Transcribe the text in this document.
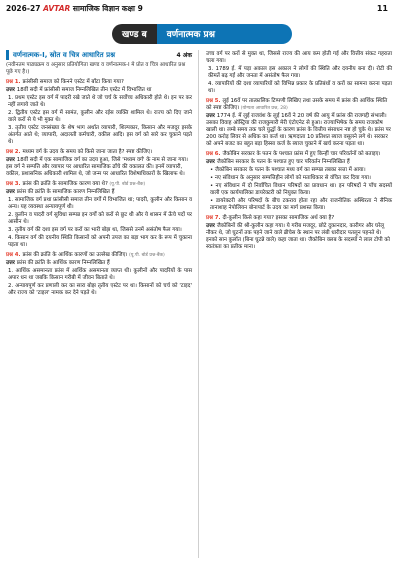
2026-27 AVTAR सामाजिक विज्ञान कक्षा 9	11
खण्ड ब	वर्णनात्मक प्रश्न
वर्णनात्मक-I, स्रोत व चित्र आधारित प्रश्न	4 अंक
(नवीनतम पाठ्यक्रम व अनुसार प्रतियोगिता खण्ड व वर्णनात्मक-I मे प्रोत व चित्र आधारित प्रश्न पूछे गए है।)
प्रश्न 1. फ्रांसीसी समाज को किनने एस्टेट में बाँटा किया गया?
उत्तर 18वीं सदी में फ्रांसीसी समाज निम्नलिखित तीन एस्टेट में विभाजित था
1. प्रथम एस्टेट इस वर्ग में पादरी रखे जाते थे जो चर्च के सर्वोच्च अधिकारी होते थे। इन पर कर नहीं लगाये जाते थे।
2. द्वितीय एस्टेट इस वर्ग में सामंत, कुलीन और रईस व्यक्ति शामिल थे। राज्य को दिए जाने वाले करों से ये भी मुक्त थे।
3. तृतीय एस्टेट जनसंख्या के शेष भाग अर्थात व्यापारी, शिल्पकार, किसान और मजदूर इसके अंतर्गत आते थे; व्यापारी, अदालती कर्मचारी, वकील आदि। इस वर्ग को सारे कर चुकाने पड़ते थे।
प्रश्न 2. मध्यम वर्ग के उदय के समय को किसे जाना जाता है? स्पष्ट कीजिए।
उत्तर 18वीं सदी में एक सामाजिक वर्ग का उदय हुआ, जिसे 'मध्यम वर्ग' के नाम से जाना गया। इस वर्ग ने सम्पत्ति और व्यापार पर आधारित सामाजिक ढाँचे की वकालत की। इनमें व्यापारी, वकील, प्रशासनिक अधिकारी शामिल थे, जो जन्म पर आधारित विशेषाधिकारों के खिलाफ थे।
प्रश्न 3. फ्रांस की क्रांति के सामाजिक कारण क्या थे? (यू.पी. बोर्ड प्रश्न-बैंक)
उत्तर फ्रांस की क्रांति के सामाजिक कारण निम्नलिखित हैं
1. सामाजिक वर्ग प्रथा फ्रांसीसी समाज तीन वर्गों में विभाजित था; पादरी, कुलीन और किसान व अन्य। यह व्यवस्था अन्यायपूर्ण थी।
2. कुलीन व पादरी वर्ग सुविधा सम्पन्न इन वर्गों को करों से छूट थी और ये शासन में ऊँचे पदों पर आसीन थे।
3. तृतीय वर्ग की दशा इस वर्ग पर करों का भारी बोझ था, जिससे उनमें असंतोष फैल गया।
4. किसान वर्ग की दयनीय स्थिति किसानों को अपनी उपज का बड़ा भाग कर के रूप में चुकाना पड़ता था।
प्रश्न 4. फ्रांस की क्रांति के आर्थिक कारणों का उल्लेख कीजिए। (यू.पी. बोर्ड प्रश्न-बैंक)
उत्तर फ्रांस की क्रांति के आर्थिक कारण निम्नलिखित हैं
1. आर्थिक असमानता फ्रांस में आर्थिक असमानता व्याप्त थी। कुलीनों और पादरियों के पास अपार धन था जबकि किसान गरीबी में जीवन बिताते थे।
2. अन्यायपूर्ण कर प्रणाली कर का सारा बोझ तृतीय एस्टेट पर था। किसानों को चर्च को 'टाइद' और राज्य को 'टाइल' नामक कर देने पड़ते थे।
उच्च वर्ग पर करों से मुक्त था, जिससे राज्य की आय कम होती गई और वित्तीय संकट गहराता चला गया।
3. 1789 ई. में पड़ा अकाल इस अकाल ने लोगों की स्थिति और दयनीय बना दी। रोटी की कीमतें बढ़ गईं और जनता में असंतोष फैल गया।
4. व्यापारियों की दशा व्यापारियों को विभिन्न प्रकार के प्रतिबंधों व करों का सामना करना पड़ता था।
प्रश्न 5. लुई 16वें पर तात्कालिक टिप्पणी लिखिए तथा उसके समय में फ्रांस की आर्थिक स्थिति को स्पष्ट कीजिए। (योग्यता आधारित प्रश्न, 28)
उत्तर 1774 ई. में लुई राजवंश के लुई 16वें ने 20 वर्ष की आयु में फ्रांस की राजगद्दी संभाली। उसका विवाह ऑस्ट्रिया की राजकुमारी मेरी एंटोएनेट से हुआ। राज्याभिषेक के समय राजकोष खाली था। लम्बे समय तक चले युद्धों के कारण फ्रांस के वित्तीय संसाधन नष्ट हो चुके थे। फ्रांस पर 200 करोड़ लिवर से अधिक का कर्ज था। ऋणदाता 10 प्रतिशत ब्याज वसूलने लगे थे। सरकार को अपने बजट का बहुत बड़ा हिस्सा कर्ज के ब्याज चुकाने में खर्च करना पड़ता था।
प्रश्न 6. जैकोबिन सरकार के पतन के पश्चात फ्रांस में हुए किन्हीं चार परिवर्तनों को बताइए।
उत्तर जैकोबिन सरकार के पतन के पश्चात हुए चार परिवर्तन निम्नलिखित हैं
• जैकोबिन सरकार के पतन के पश्चात मध्य वर्ग का सम्पन्न तबका सत्ता में आया।
• नए संविधान के अनुसार सम्पत्तिहीन लोगों को मताधिकार से वंचित कर दिया गया।
• नए संविधान में दो निर्वाचित विधान परिषदों का प्रावधान था। इन परिषदों ने पाँच सदस्यों वाली एक कार्यपालिका डायरेक्टरी को नियुक्त किया।
• डायरेक्टरी और परिषदों के बीच टकराव होता रहा और राजनीतिक अस्थिरता ने सैनिक तानाशाह नेपोलियन बोनापार्ट के उदय का मार्ग प्रशस्त किया।
प्रश्न 7. दी-कुलीन किसे कहा गया? इसका सामाजिक अर्थ क्या है?
उत्तर जैकोबिनों की श्री-कुलीन कहा गया। ये गरीब मजदूर, छोटे दुकानदार, कारीगर और घरेलू नौकर थे, जो घुटनों तक पहने जाने वाले ब्रीचेस के स्थान पर लंबी धारीदार पतलून पहनते थे। इनको सान कुलॉत (बिना घुटन्ने वाले) कहा जाता था। जैकोबिन क्लब के सदस्यों ने लाल टोपी को स्वतंत्रता का प्रतीक माना।
